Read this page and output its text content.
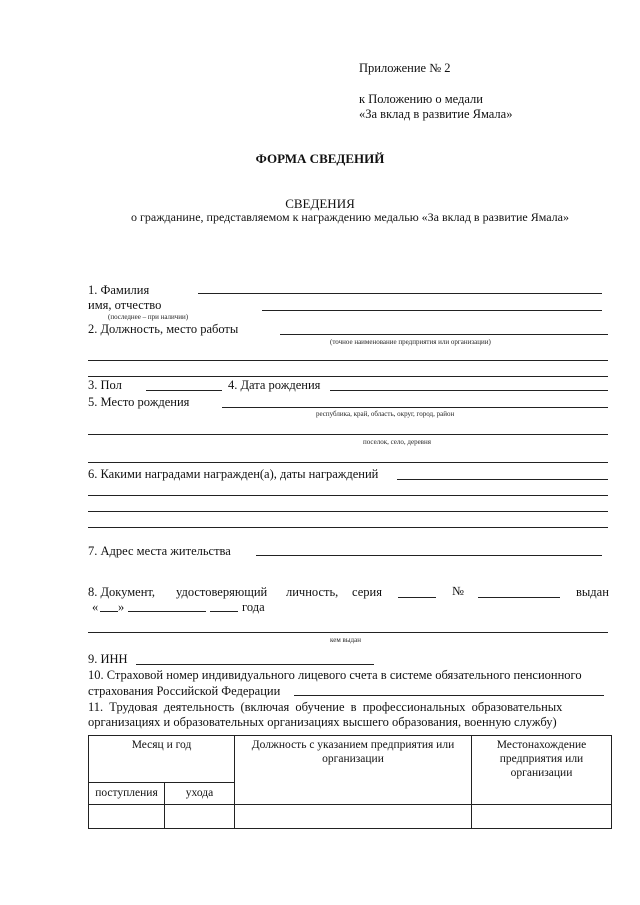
Приложение № 2
к Положению о медали
«За вклад в развитие Ямала»
ФОРМА СВЕДЕНИЙ
СВЕДЕНИЯ
о гражданине, представляемом к награждению медалью «За вклад в развитие Ямала»
1. Фамилия
имя, отчество
(последнее – при наличии)
2. Должность, место работы
(точное наименование предприятия или организации)
3. Пол	4. Дата рождения
5. Место рождения
республика, край, область, округ, город, район
поселок, село, деревня
6. Какими наградами награжден(а), даты награждений
7. Адрес места жительства
8. Документ, удостоверяющий личность, серия	№	выдан
« »	года
кем выдан
9. ИНН
10. Страховой номер индивидуального лицевого счета в системе обязательного пенсионного
страхования Российской Федерации
11. Трудовая деятельность (включая обучение в профессиональных образовательных
организациях и образовательных организациях высшего образования, военную службу)
Месяц и год		Должность с указанием предприятия или организации	Местонахождение предприятия или организации
поступления	ухода		
